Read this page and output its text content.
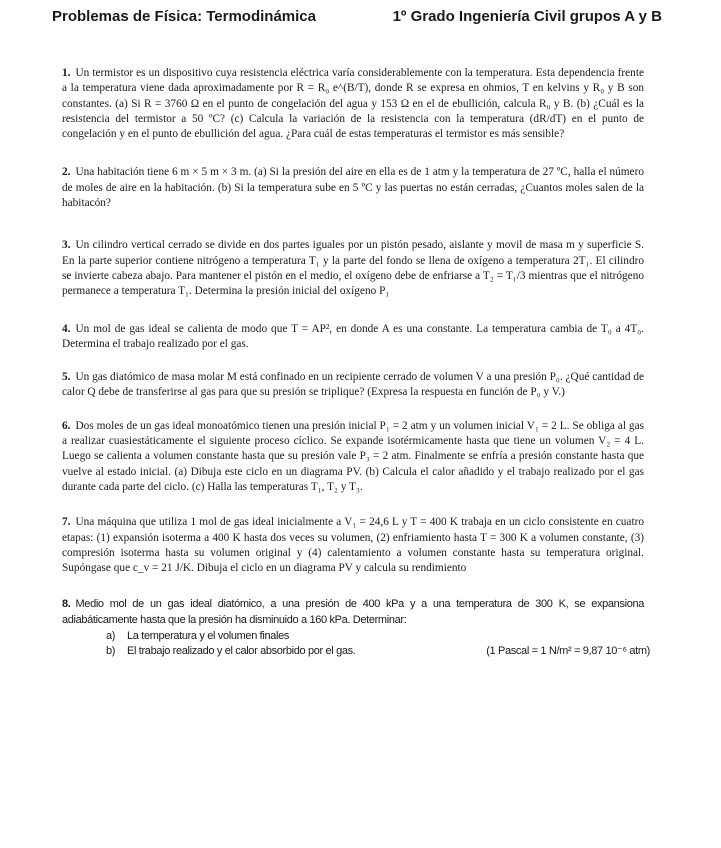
Problemas de Física: Termodinámica	1º Grado Ingeniería Civil grupos A y B

1. Un termistor es un dispositivo cuya resistencia eléctrica varía considerablemente con la temperatura. Esta dependencia frente a la temperatura viene dada aproximadamente por R = R₀ e^(B/T), donde R se expresa en ohmios, T en kelvins y R₀ y B son constantes. (a) Si R = 3760 Ω en el punto de congelación del agua y 153 Ω en el de ebullición, calcula R₀ y B. (b) ¿Cuál es la resistencia del termistor a 50 ºC? (c) Calcula la variación de la resistencia con la temperatura (dR/dT) en el punto de congelación y en el punto de ebullición del agua. ¿Para cuál de estas temperaturas el termistor es más sensible?

2. Una habitación tiene 6 m × 5 m × 3 m. (a) Si la presión del aire en ella es de 1 atm y la temperatura de 27 ºC, halla el número de moles de aire en la habitación. (b) Si la temperatura sube en 5 ºC y las puertas no están cerradas, ¿Cuantos moles salen de la habitacón?

3. Un cilindro vertical cerrado se divide en dos partes iguales por un pistón pesado, aislante y movil de masa m y superficie S. En la parte superior contiene nitrógeno a temperatura T₁ y la parte del fondo se llena de oxígeno a temperatura 2T₁. El cilindro se invierte cabeza abajo. Para mantener el pistón en el medio, el oxígeno debe de enfriarse a T₂ = T₁/3 mientras que el nitrógeno permanece a temperatura T₁. Determina la presión inicial del oxígeno P₁

4. Un mol de gas ideal se calienta de modo que T = AP², en donde A es una constante. La temperatura cambia de T₀ a 4T₀. Determina el trabajo realizado por el gas.

5. Un gas diatómico de masa molar M está confinado en un recipiente cerrado de volumen V a una presión P₀. ¿Qué cantidad de calor Q debe de transferirse al gas para que su presión se triplique? (Expresa la respuesta en función de P₀ y V.)

6. Dos moles de un gas ideal monoatómico tienen una presión inicial P₁ = 2 atm y un volumen inicial V₁ = 2 L. Se obliga al gas a realizar cuasiestáticamente el siguiente proceso cíclico. Se expande isotérmicamente hasta que tiene un volumen V₂ = 4 L. Luego se calienta a volumen constante hasta que su presión vale P₃ = 2 atm. Finalmente se enfría a presión constante hasta que vuelve al estado inicial. (a) Dibuja este ciclo en un diagrama PV. (b) Calcula el calor añadido y el trabajo realizado por el gas durante cada parte del ciclo. (c) Halla las temperaturas T₁, T₂ y T₃.

7. Una máquina que utiliza 1 mol de gas ideal inicialmente a V₁ = 24,6 L y T = 400 K trabaja en un ciclo consistente en cuatro etapas: (1) expansión isoterma a 400 K hasta dos veces su volumen, (2) enfriamiento hasta T = 300 K a volumen constante, (3) compresión isoterma hasta su volumen original y (4) calentamiento a volumen constante hasta su temperatura original. Supóngase que c_v = 21 J/K. Dibuja el ciclo en un diagrama PV y calcula su rendimiento

8. Medio mol de un gas ideal diatómico, a una presión de 400 kPa y a una temperatura de 300 K, se expansiona adiabáticamente hasta que la presión ha disminuido a 160 kPa. Determinar:
a) La temperatura y el volumen finales
b) El trabajo realizado y el calor absorbido por el gas.	(1 Pascal = 1 N/m² = 9,87 10⁻⁶ atm)
